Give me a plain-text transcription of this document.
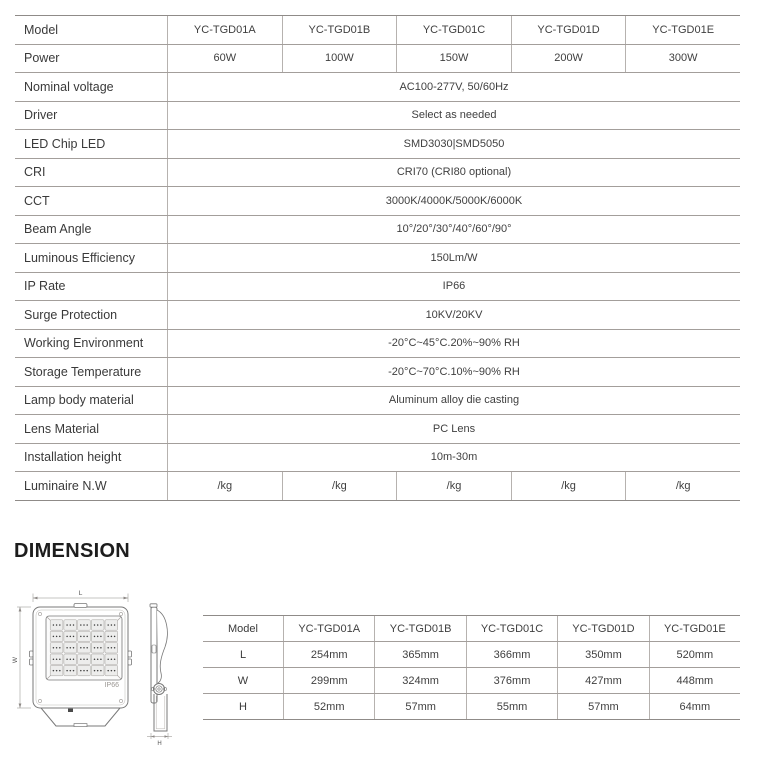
Model	YC-TGD01A	YC-TGD01B	YC-TGD01C	YC-TGD01D	YC-TGD01E
Power	60W	100W	150W	200W	300W
Nominal voltage	AC100-277V, 50/60Hz
Driver	Select as needed
LED Chip LED	SMD3030|SMD5050
CRI	CRI70 (CRI80 optional)
CCT	3000K/4000K/5000K/6000K
Beam Angle	10°/20°/30°/40°/60°/90°
Luminous Efficiency	150Lm/W
IP Rate	IP66
Surge Protection	10KV/20KV
Working Environment	-20°C~45°C.20%~90% RH
Storage Temperature	-20°C~70°C.10%~90% RH
Lamp body material	Aluminum alloy die casting
Lens Material	PC Lens
Installation height	10m-30m
Luminaire N.W	/kg	/kg	/kg	/kg	/kg
DIMENSION
L
W
H
IP66
Model	YC-TGD01A	YC-TGD01B	YC-TGD01C	YC-TGD01D	YC-TGD01E
L	254mm	365mm	366mm	350mm	520mm
W	299mm	324mm	376mm	427mm	448mm
H	52mm	57mm	55mm	57mm	64mm
